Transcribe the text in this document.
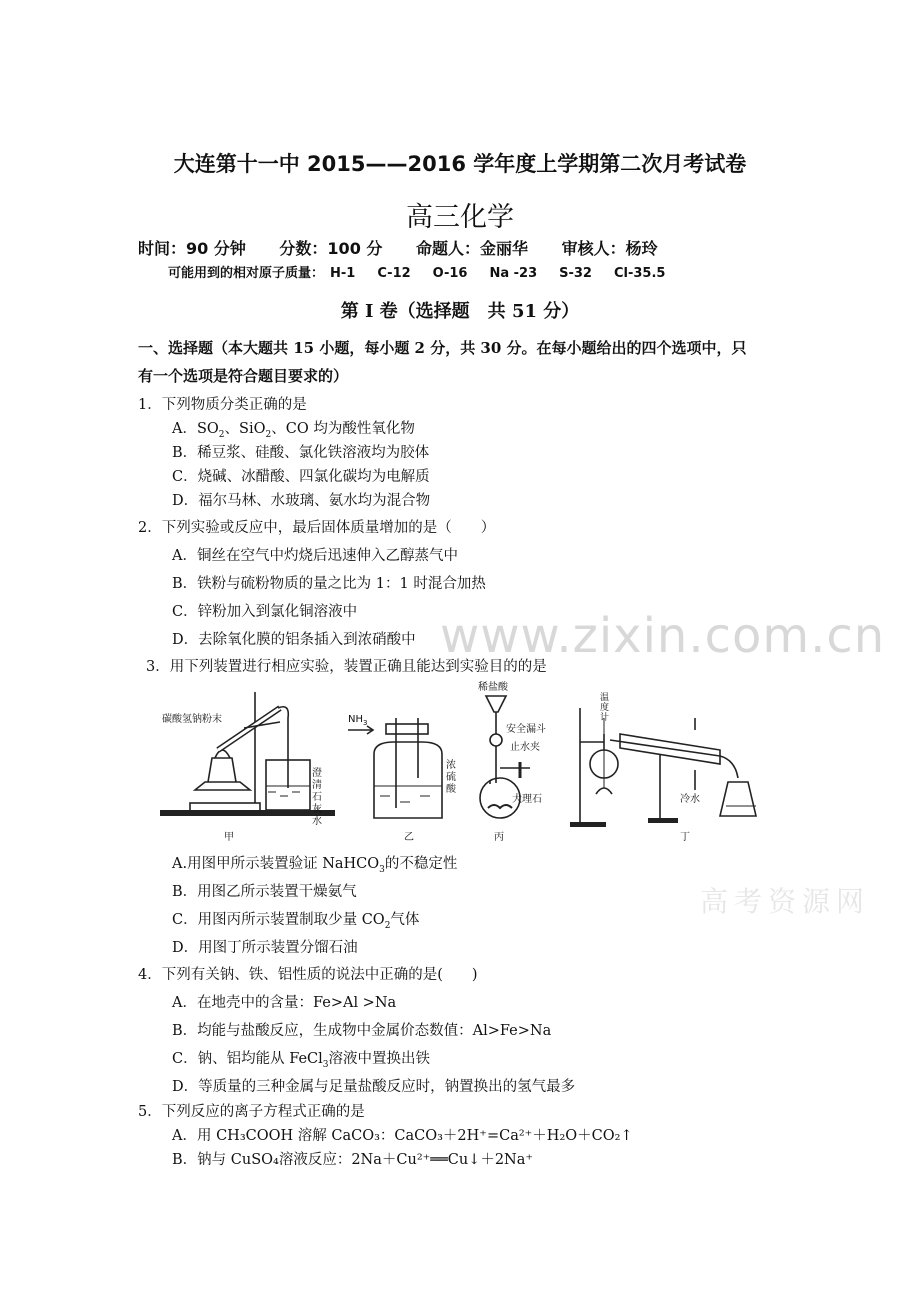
大连第十一中 2015——2016 学年度上学期第二次月考试卷
高三化学
时间：90 分钟 分数：100 分 命题人：金丽华 审核人：杨玲
可能用到的相对原子质量： H-1 C-12 O-16 Na -23 S-32 Cl-35.5
第 I 卷（选择题　共 51 分）
一、选择题（本大题共 15 小题，每小题 2 分，共 30 分。在每小题给出的四个选项中，只
有一个选项是符合题目要求的）
1．下列物质分类正确的是
A．$SO_2$、SiO$_2$、CO 均为酸性氧化物
B．稀豆浆、硅酸、氯化铁溶液均为胶体
C．烧碱、冰醋酸、四氯化碳均为电解质
D．福尔马林、水玻璃、氨水均为混合物
2．下列实验或反应中，最后固体质量增加的是（　　）
A．铜丝在空气中灼烧后迅速伸入乙醇蒸气中
B．铁粉与硫粉物质的量之比为 1：1 时混合加热
C．锌粉加入到氯化铜溶液中
D．去除氧化膜的铝条插入到浓硝酸中 www.zixin.com.cn
3．用下列装置进行相应实验，装置正确且能达到实验目的的是
碳酸氢钠粉末
澄
清
石
灰
水
甲
$NH_3$
浓
硫
酸
乙
稀盐酸
安全漏斗
止水夹
大理石
丙
温
度
计
冷水
丁
A.用图甲所示装置验证 NaHCO$_3$的不稳定性
B．用图乙所示装置干燥氨气
C．用图丙所示装置制取少量 $CO_2$气体
D．用图丁所示装置分馏石油
高考资源网
4．下列有关钠、铁、铝性质的说法中正确的是(　　)
A．在地壳中的含量：Fe>Al >Na
B．均能与盐酸反应，生成物中金属价态数值：Al>Fe>Na
C．钠、铝均能从 FeCl$_3$溶液中置换出铁
D．等质量的三种金属与足量盐酸反应时，钠置换出的氢气最多
5．下列反应的离子方程式正确的是
A．用 CH₃COOH 溶解 CaCO₃：CaCO₃＋2H⁺=Ca²⁺＋H₂O＋CO₂↑
B．钠与 CuSO₄溶液反应：2Na＋Cu²⁺══Cu↓＋2Na⁺
